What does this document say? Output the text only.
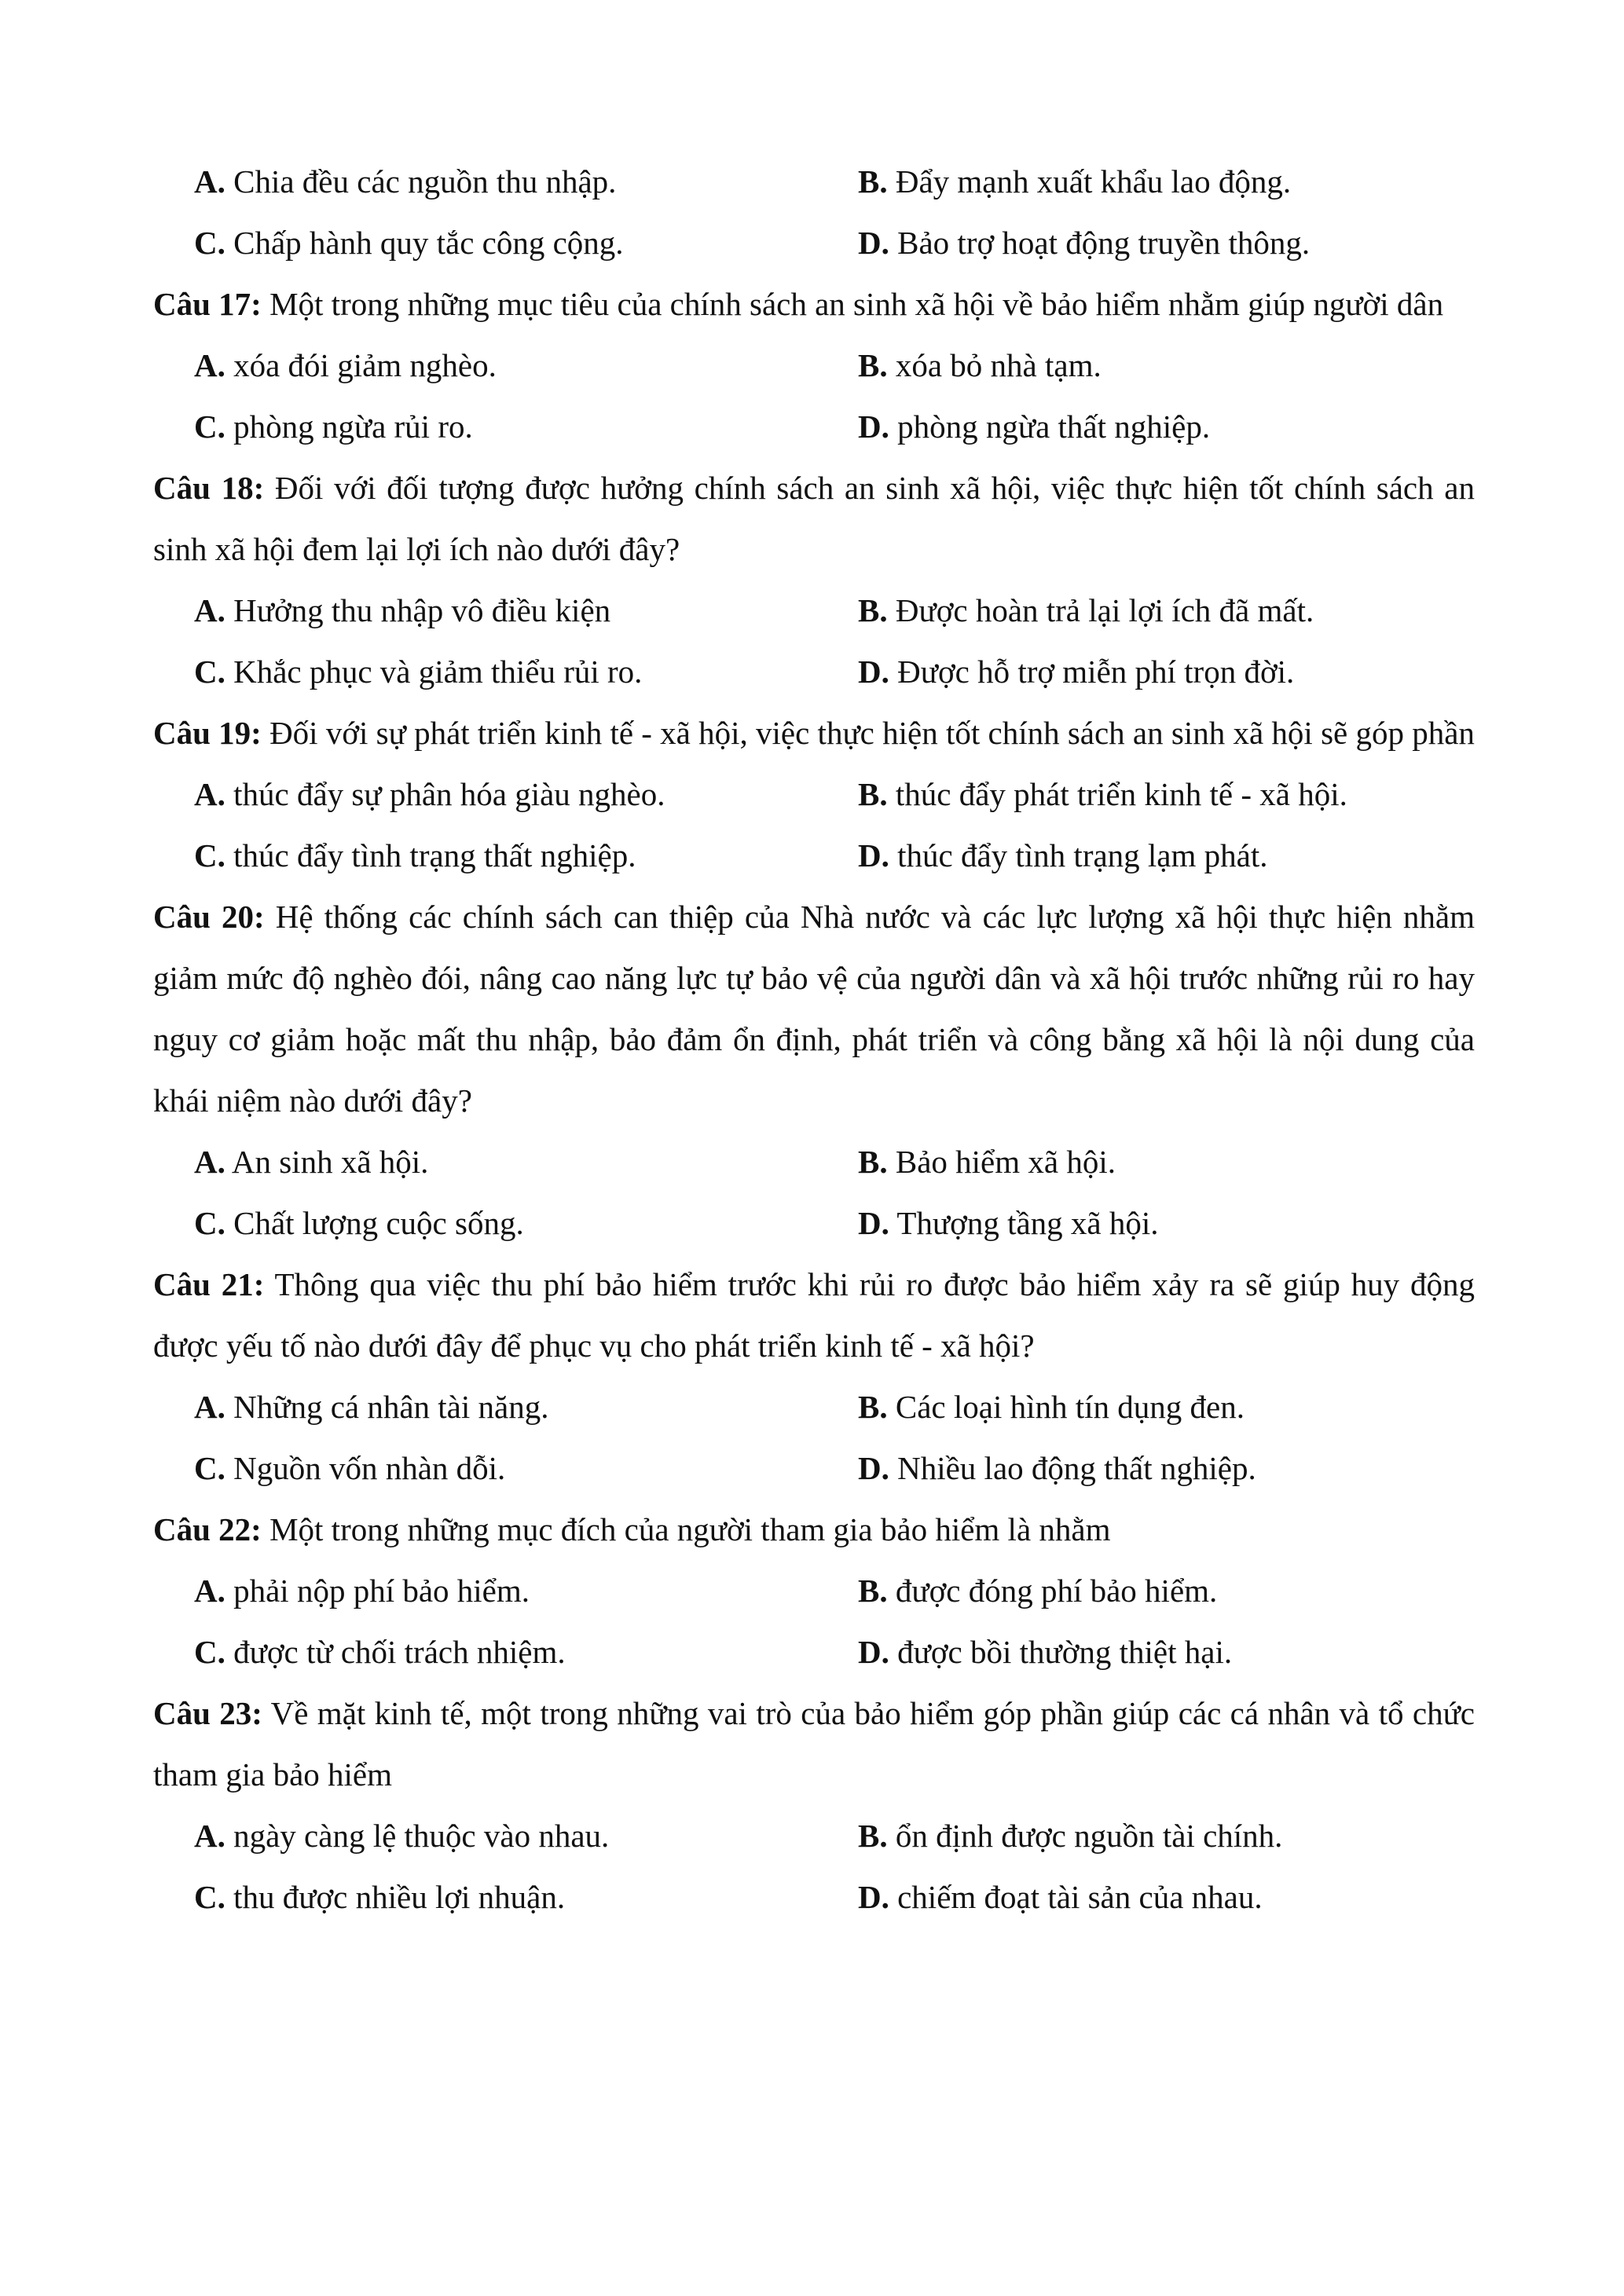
A. Chia đều các nguồn thu nhập.	B. Đẩy mạnh xuất khẩu lao động.
C. Chấp hành quy tắc công cộng.	D. Bảo trợ hoạt động truyền thông.
Câu 17: Một trong những mục tiêu của chính sách an sinh xã hội về bảo hiểm nhằm giúp người dân
A. xóa đói giảm nghèo.	B. xóa bỏ nhà tạm.
C. phòng ngừa rủi ro.	D. phòng ngừa thất nghiệp.
Câu 18: Đối với đối tượng được hưởng chính sách an sinh xã hội, việc thực hiện tốt chính sách an sinh xã hội đem lại lợi ích nào dưới đây?
A. Hưởng thu nhập vô điều kiện	B. Được hoàn trả lại lợi ích đã mất.
C. Khắc phục và giảm thiểu rủi ro.	D. Được hỗ trợ miễn phí trọn đời.
Câu 19: Đối với sự phát triển kinh tế - xã hội, việc thực hiện tốt chính sách an sinh xã hội sẽ góp phần
A. thúc đẩy sự phân hóa giàu nghèo.	B. thúc đẩy phát triển kinh tế - xã hội.
C. thúc đẩy tình trạng thất nghiệp.	D. thúc đẩy tình trạng lạm phát.
Câu 20: Hệ thống các chính sách can thiệp của Nhà nước và các lực lượng xã hội thực hiện nhằm giảm mức độ nghèo đói, nâng cao năng lực tự bảo vệ của người dân và xã hội trước những rủi ro hay nguy cơ giảm hoặc mất thu nhập, bảo đảm ổn định, phát triển và công bằng xã hội là nội dung của khái niệm nào dưới đây?
A. An sinh xã hội.	B. Bảo hiểm xã hội.
C. Chất lượng cuộc sống.	D. Thượng tầng xã hội.
Câu 21: Thông qua việc thu phí bảo hiểm trước khi rủi ro được bảo hiểm xảy ra sẽ giúp huy động được yếu tố nào dưới đây để phục vụ cho phát triển kinh tế - xã hội?
A. Những cá nhân tài năng.	B. Các loại hình tín dụng đen.
C. Nguồn vốn nhàn dỗi.	D. Nhiều lao động thất nghiệp.
Câu 22: Một trong những mục đích của người tham gia bảo hiểm là nhằm
A. phải nộp phí bảo hiểm.	B. được đóng phí bảo hiểm.
C. được từ chối trách nhiệm.	D. được bồi thường thiệt hại.
Câu 23: Về mặt kinh tế, một trong những vai trò của bảo hiểm góp phần giúp các cá nhân và tổ chức tham gia bảo hiểm
A. ngày càng lệ thuộc vào nhau.	B. ổn định được nguồn tài chính.
C. thu được nhiều lợi nhuận.	D. chiếm đoạt tài sản của nhau.
